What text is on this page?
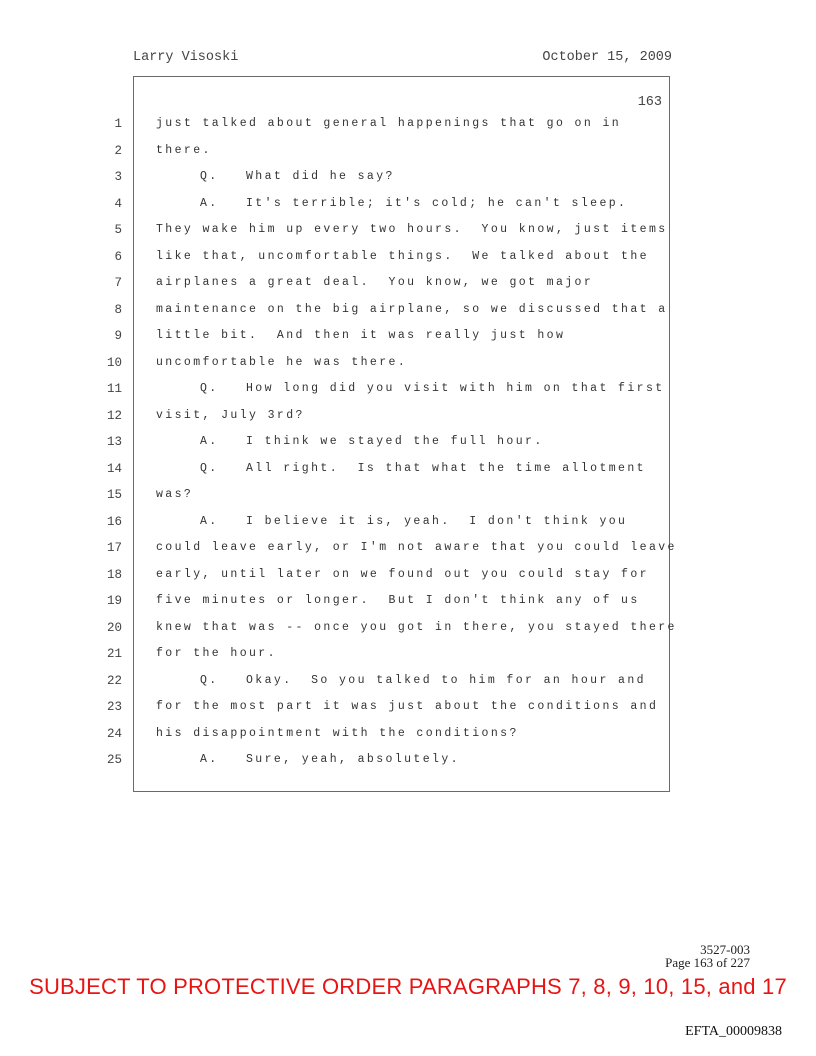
Larry Visoski	October 15, 2009
163
1	just talked about general happenings that go on in
2	there.
3	Q. What did he say?
4	A. It's terrible; it's cold; he can't sleep.
5	They wake him up every two hours.  You know, just items
6	like that, uncomfortable things.  We talked about the
7	airplanes a great deal.  You know, we got major
8	maintenance on the big airplane, so we discussed that a
9	little bit.  And then it was really just how
10	uncomfortable he was there.
11	Q. How long did you visit with him on that first
12	visit, July 3rd?
13	A. I think we stayed the full hour.
14	Q. All right.  Is that what the time allotment
15	was?
16	A. I believe it is, yeah.  I don't think you
17	could leave early, or I'm not aware that you could leave
18	early, until later on we found out you could stay for
19	five minutes or longer.  But I don't think any of us
20	knew that was -- once you got in there, you stayed there
21	for the hour.
22	Q. Okay.  So you talked to him for an hour and
23	for the most part it was just about the conditions and
24	his disappointment with the conditions?
25	A. Sure, yeah, absolutely.
3527-003
Page 163 of 227
SUBJECT TO PROTECTIVE ORDER PARAGRAPHS 7, 8, 9, 10, 15, and 17
EFTA_00009838
